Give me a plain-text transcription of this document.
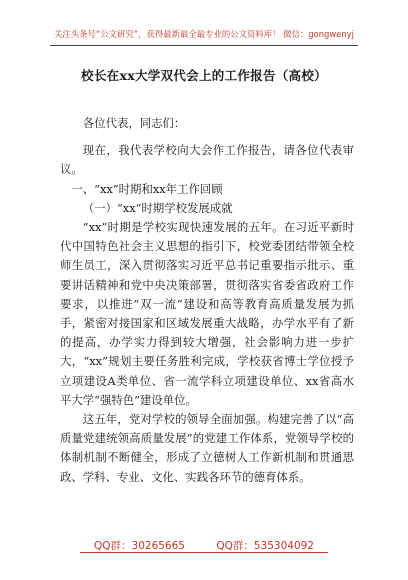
关注头条号“公文研究”，获得最新最全最专业的公文资料库！ 微信：gongwenyj
校长在xx大学双代会上的工作报告（高校）

各位代表，同志们：

现在，我代表学校向大会作工作报告，请各位代表审议。

一、“xx”时期和xx年工作回顾

（一）“xx”时期学校发展成就

“xx”时期是学校实现快速发展的五年。在习近平新时代中国特色社会主义思想的指引下，校党委团结带领全校师生员工，深入贯彻落实习近平总书记重要指示批示、重要讲话精神和党中央决策部署，贯彻落实省委省政府工作要求，以推进“双一流”建设和高等教育高质量发展为抓手，紧密对接国家和区域发展重大战略，办学水平有了新的提高，办学实力得到较大增强，社会影响力进一步扩大，“xx”规划主要任务胜利完成，学校获省博士学位授予立项建设A类单位、省一流学科立项建设单位、xx省高水平大学“强特色”建设单位。

这五年，党对学校的领导全面加强。构建完善了以“高质量党建统领高质量发展”的党建工作体系，党领导学校的体制机制不断健全，形成了立德树人工作新机制和贯通思政、学科、专业、文化、实践各环节的德育体系。

QQ群：30265665	QQ群：535304092
